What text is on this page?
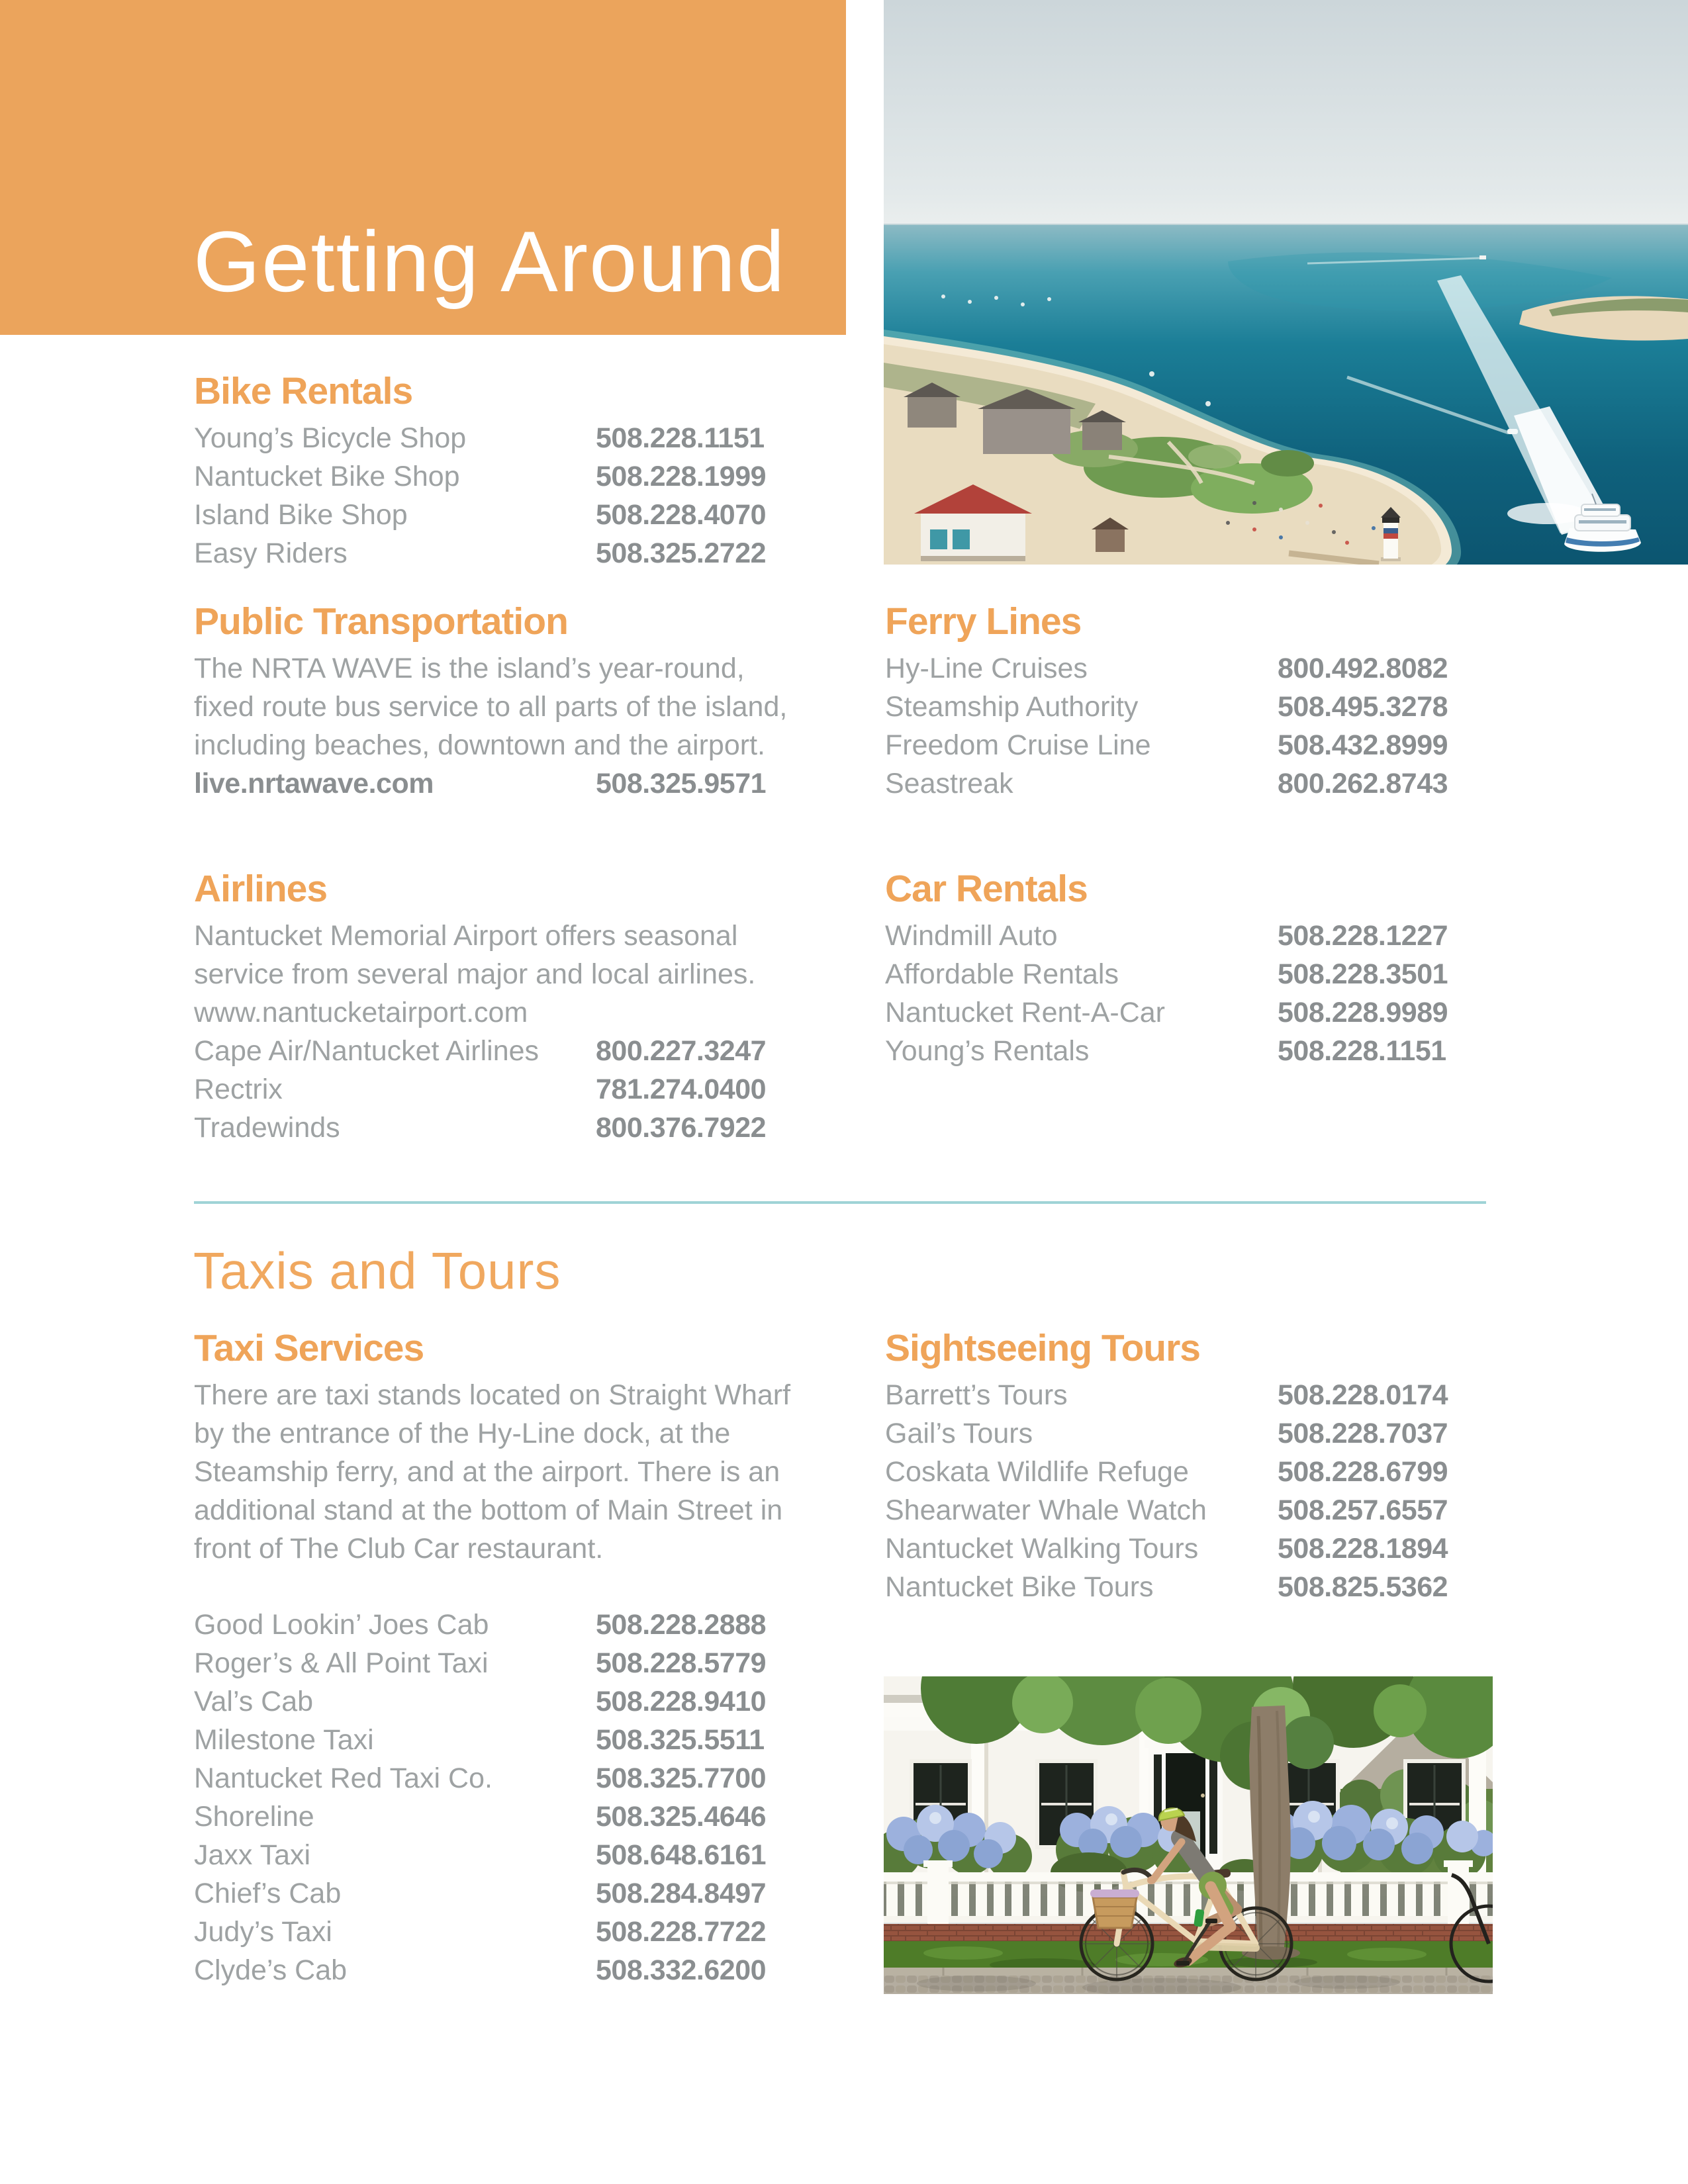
Getting Around
Bike Rentals
Young’s Bicycle Shop	508.228.1151
Nantucket Bike Shop	508.228.1999
Island Bike Shop	508.228.4070
Easy Riders	508.325.2722
Public Transportation
The NRTA WAVE is the island’s year-round, fixed route bus service to all parts of the island, including beaches, downtown and the airport.
live.nrtawave.com	508.325.9571
Airlines
Nantucket Memorial Airport offers seasonal service from several major and local airlines.
www.nantucketairport.com
Cape Air/Nantucket Airlines 800.227.3247
Rectrix	781.274.0400
Tradewinds	800.376.7922
Ferry Lines
Hy-Line Cruises	800.492.8082
Steamship Authority	508.495.3278
Freedom Cruise Line	508.432.8999
Seastreak	800.262.8743
Car Rentals
Windmill Auto	508.228.1227
Affordable Rentals	508.228.3501
Nantucket Rent-A-Car	508.228.9989
Young’s Rentals	508.228.1151
Taxis and Tours
Taxi Services
There are taxi stands located on Straight Wharf by the entrance of the Hy-Line dock, at the Steamship ferry, and at the airport. There is an additional stand at the bottom of Main Street in front of The Club Car restaurant.
Good Lookin’ Joes Cab	508.228.2888
Roger’s & All Point Taxi	508.228.5779
Val’s Cab	508.228.9410
Milestone Taxi	508.325.5511
Nantucket Red Taxi Co.	508.325.7700
Shoreline	508.325.4646
Jaxx Taxi	508.648.6161
Chief’s Cab	508.284.8497
Judy’s Taxi	508.228.7722
Clyde’s Cab	508.332.6200
Sightseeing Tours
Barrett’s Tours	508.228.0174
Gail’s Tours	508.228.7037
Coskata Wildlife Refuge	508.228.6799
Shearwater Whale Watch 508.257.6557
Nantucket Walking Tours	508.228.1894
Nantucket Bike Tours	508.825.5362
